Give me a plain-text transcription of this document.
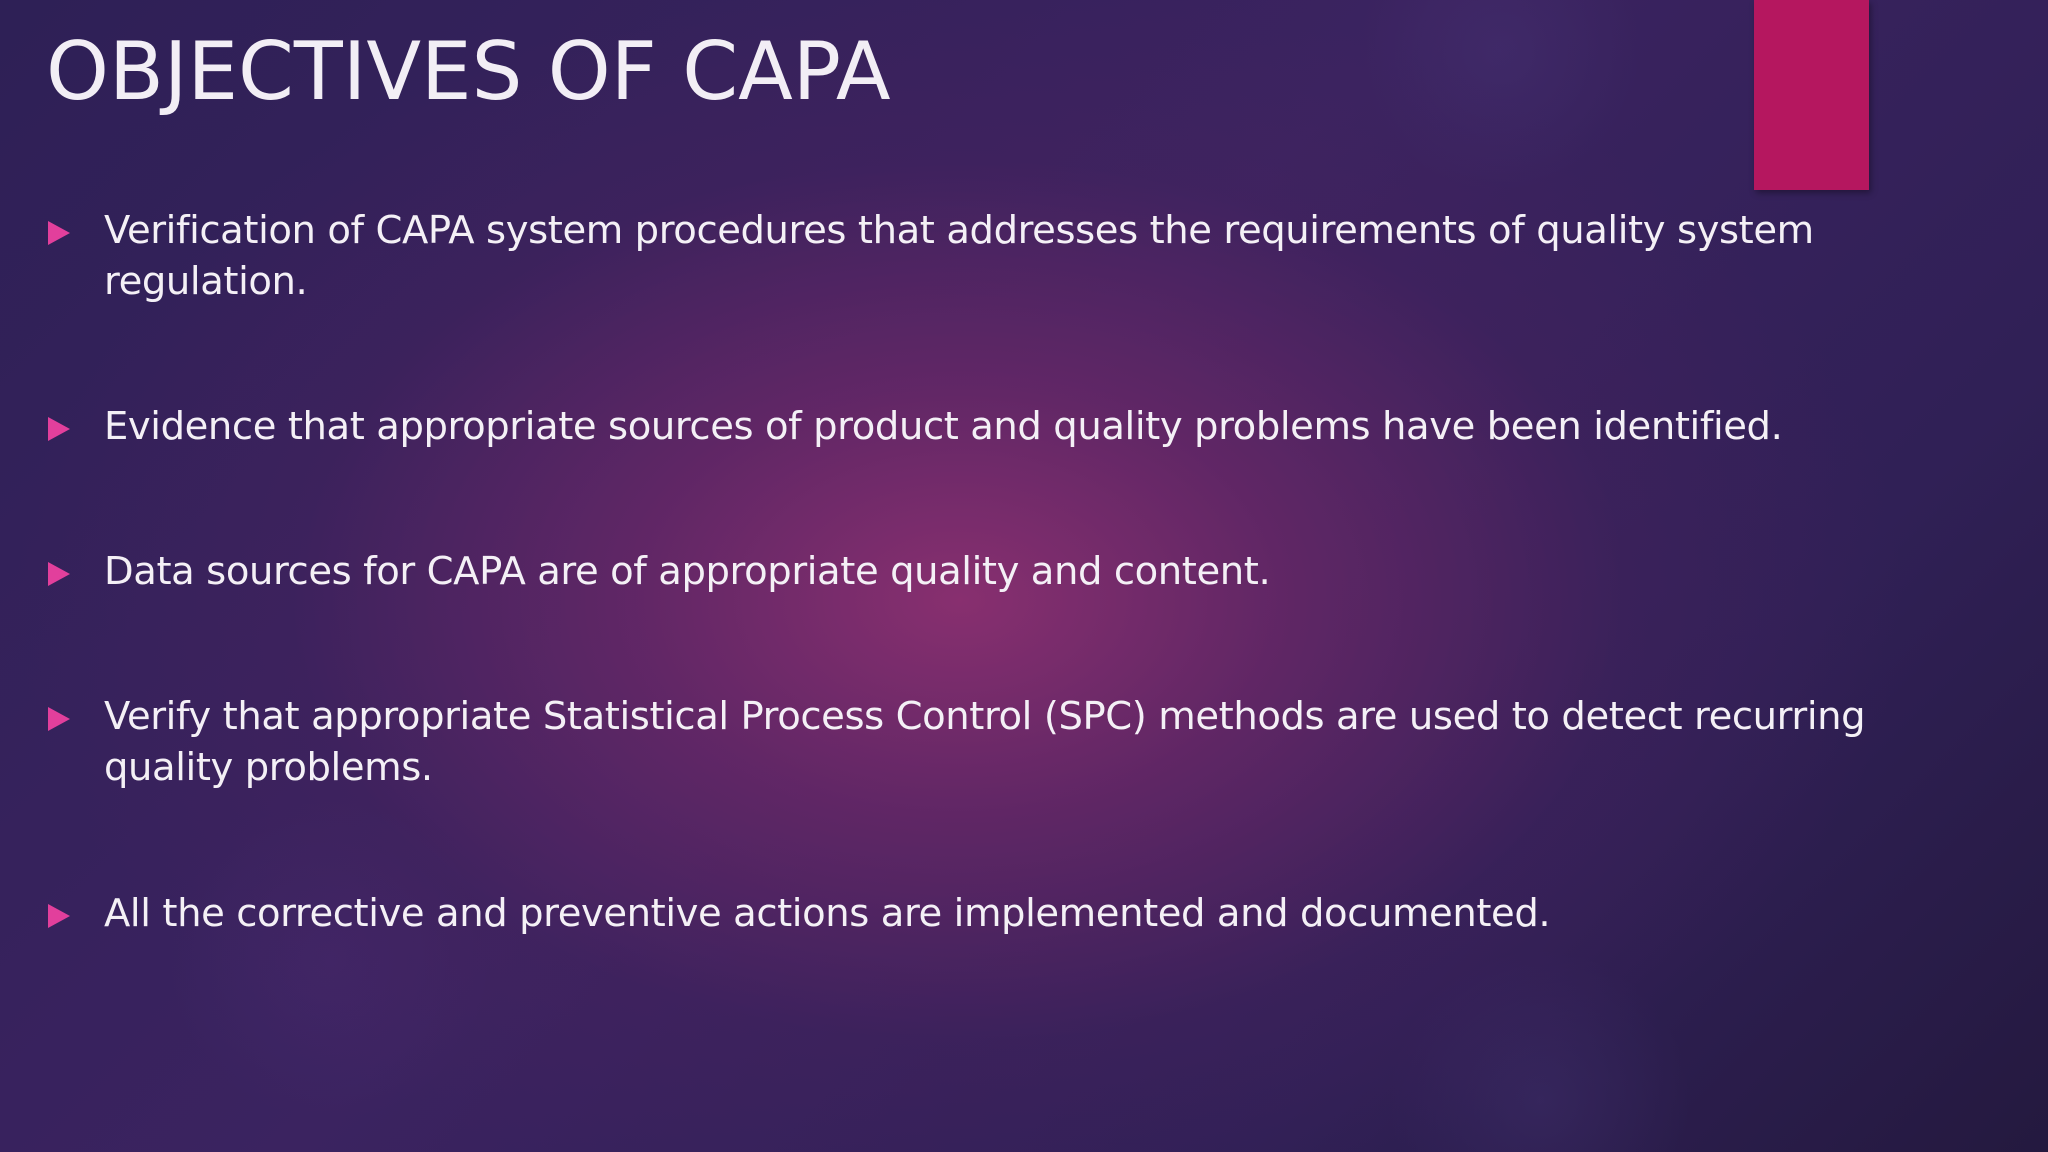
OBJECTIVES OF CAPA
Verification of CAPA system procedures that addresses the requirements of quality system regulation.
Evidence that appropriate sources of product and quality problems have been identified.
Data sources for CAPA are of appropriate quality and content.
Verify that appropriate Statistical Process Control (SPC) methods are used to detect recurring quality problems.
All the corrective and preventive actions are implemented and documented.
